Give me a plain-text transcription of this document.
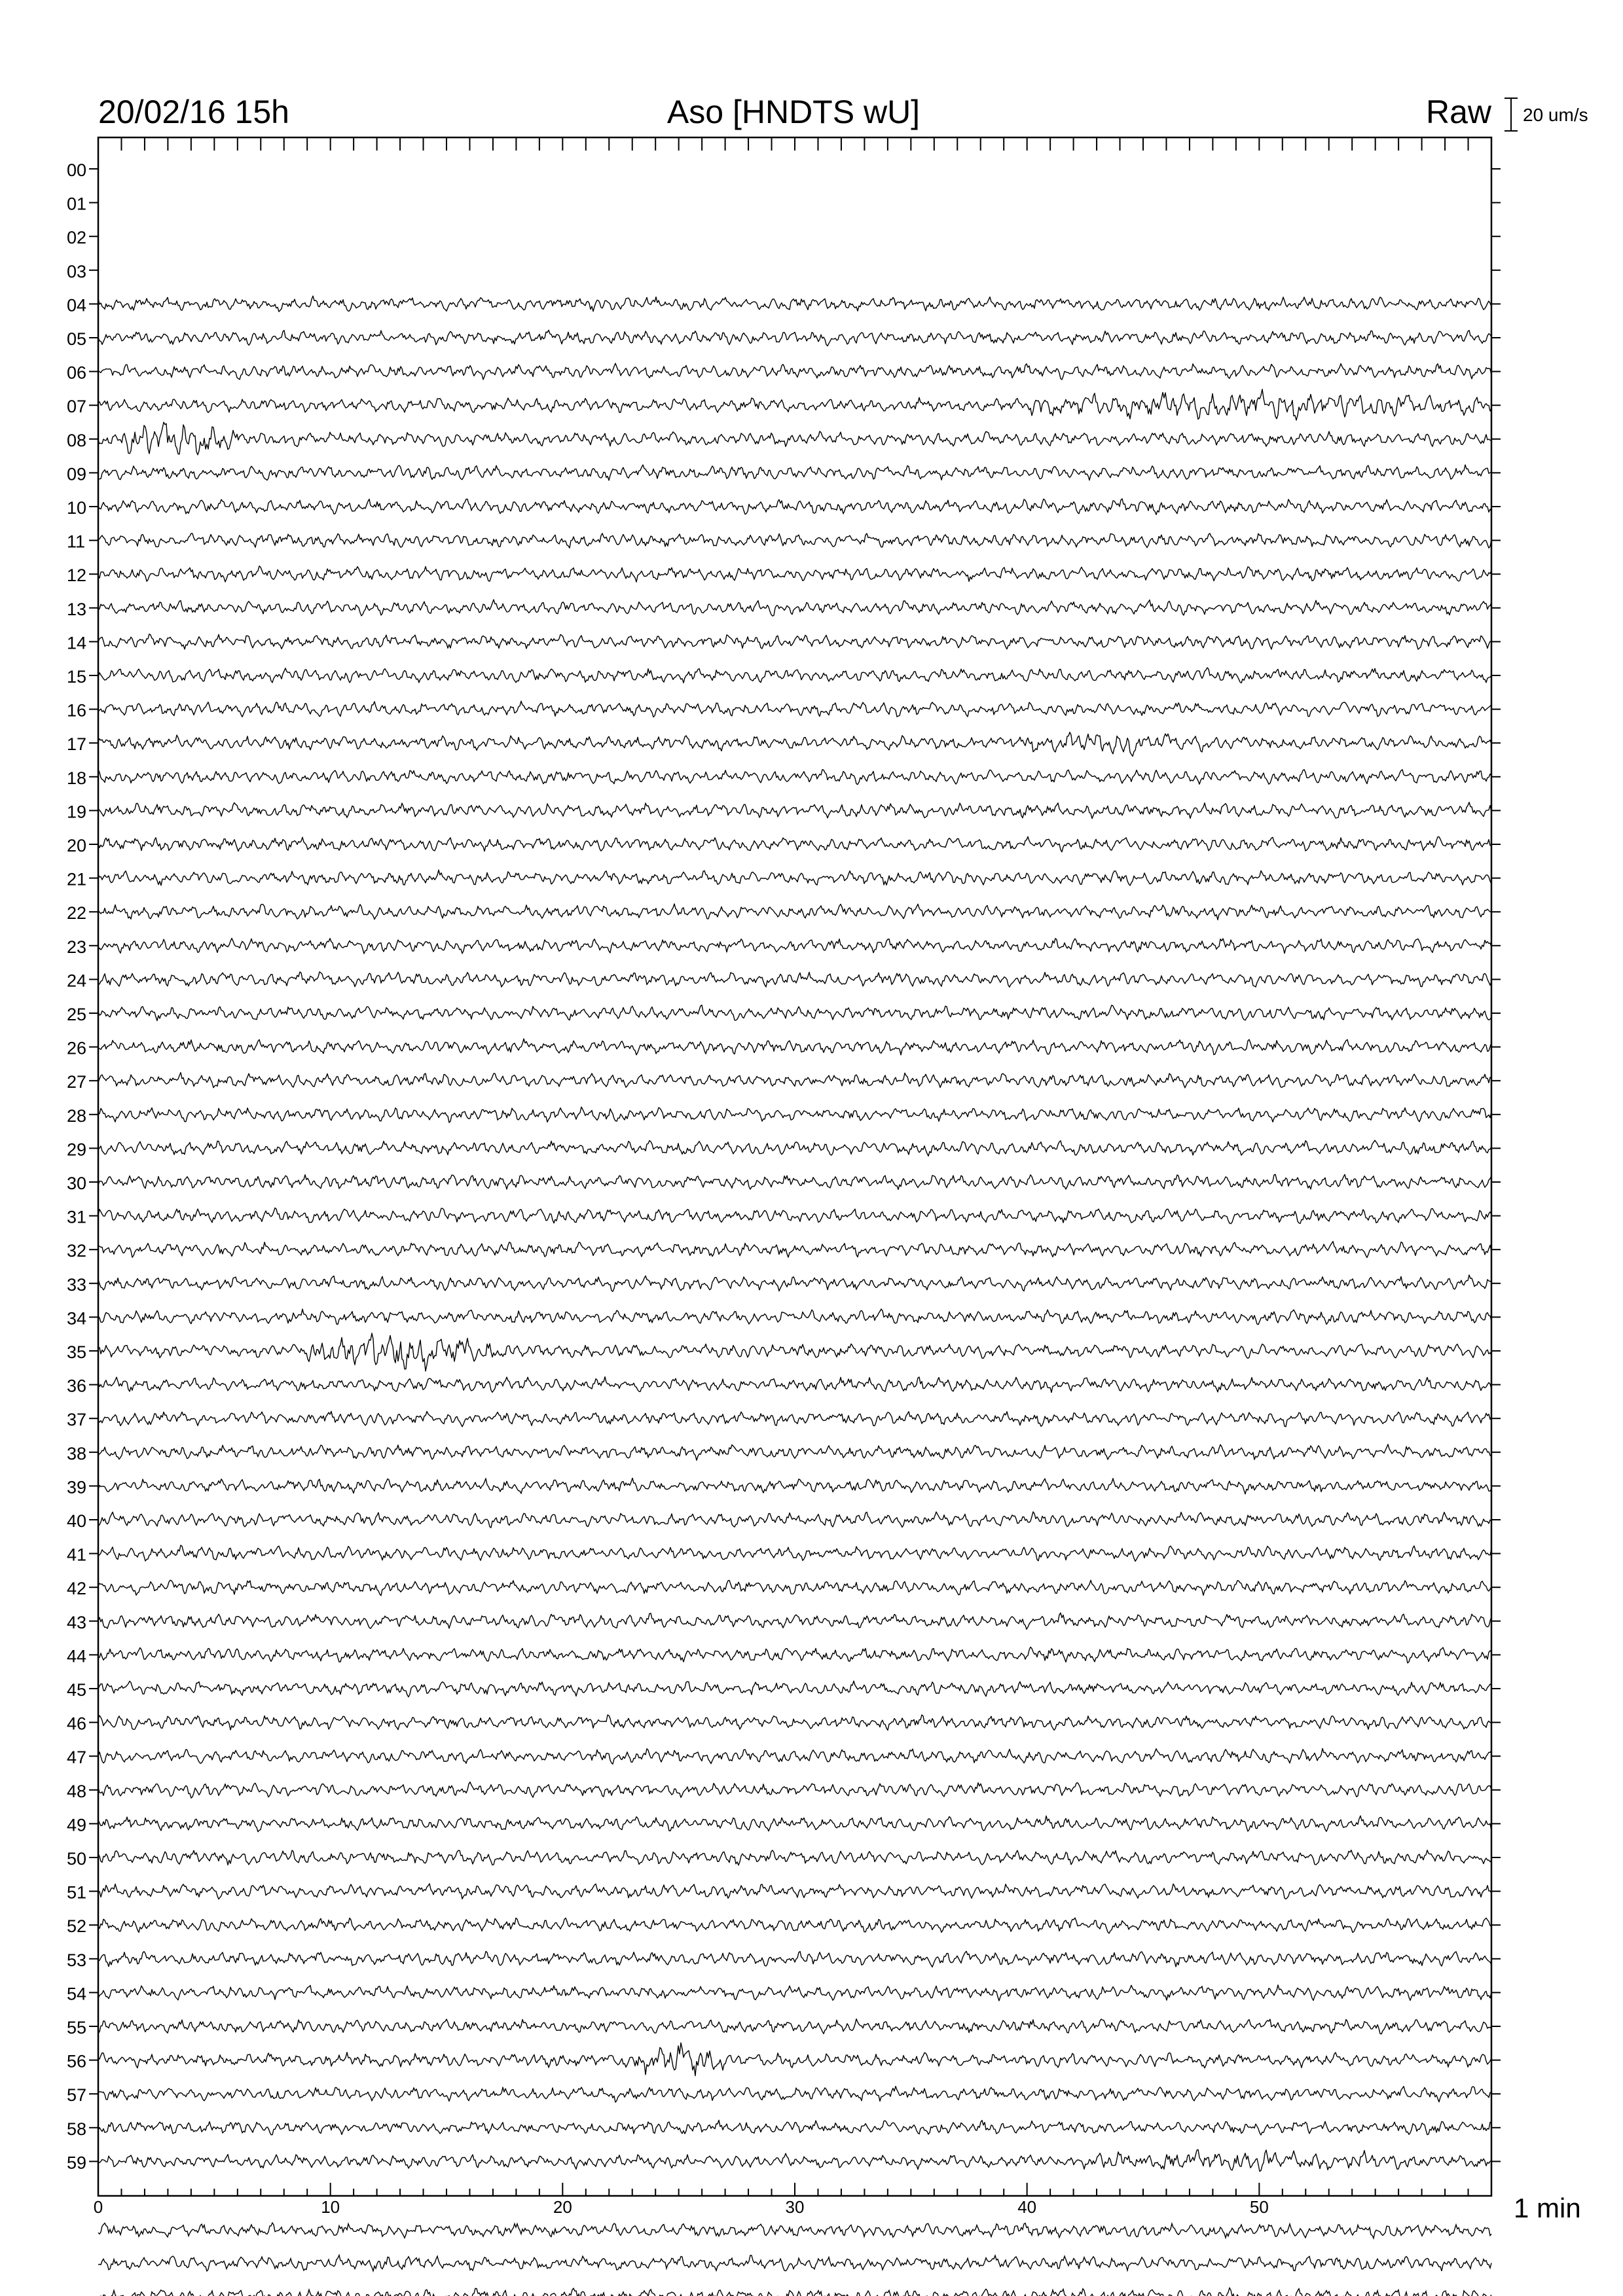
20/02/16 15h	Aso [HNDTS wU]	Raw 20 um/s
00
01
02
03
04
05
06
07
08
09
10
11
12
13
14
15
16
17
18
19
20
21
22
23
24
25
26
27
28
29
30
31
32
33
34
35
36
37
38
39
40
41
42
43
44
45
46
47
48
49
50
51
52
53
54
55
56
57
58
59
0	10	20	30	40	50	1 min
